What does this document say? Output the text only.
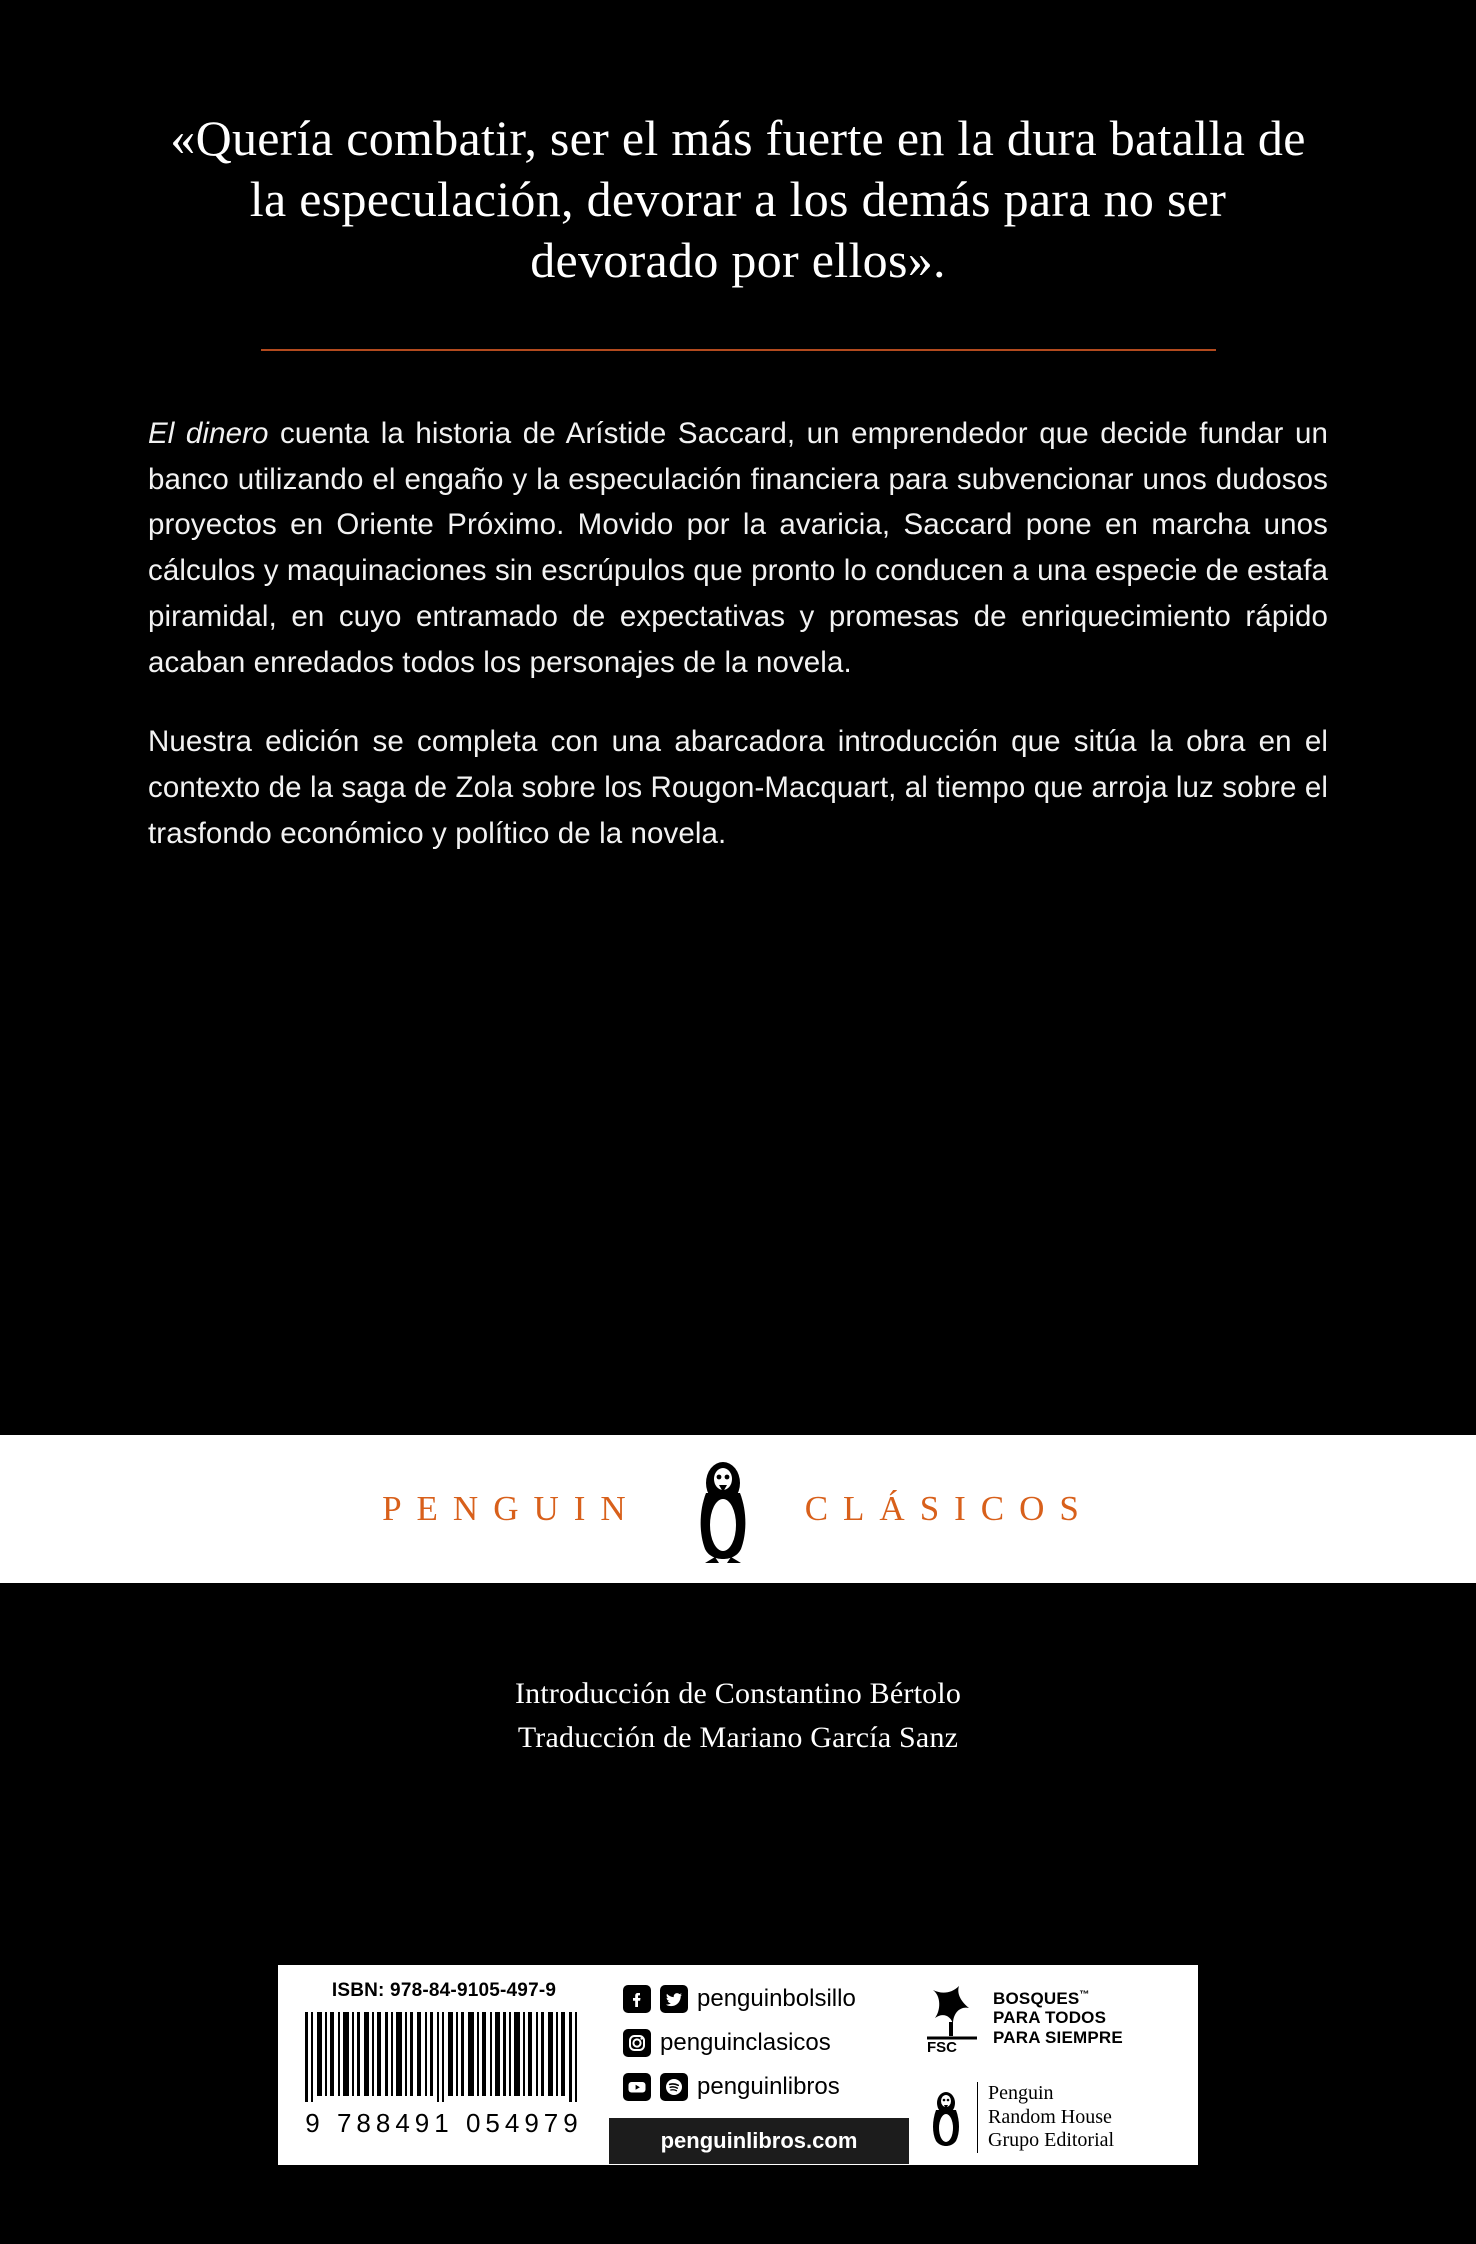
«Quería combatir, ser el más fuerte en la dura batalla de la especulación, devorar a los demás para no ser devorado por ellos».

El dinero cuenta la historia de Arístide Saccard, un emprendedor que decide fundar un banco utilizando el engaño y la especulación financiera para subvencionar unos dudosos proyectos en Oriente Próximo. Movido por la avaricia, Saccard pone en marcha unos cálculos y maquinaciones sin escrúpulos que pronto lo conducen a una especie de estafa piramidal, en cuyo entramado de expectativas y promesas de enriquecimiento rápido acaban enredados todos los personajes de la novela.

Nuestra edición se completa con una abarcadora introducción que sitúa la obra en el contexto de la saga de Zola sobre los Rougon-Macquart, al tiempo que arroja luz sobre el trasfondo económico y político de la novela.

PENGUIN	CLÁSICOS
Introducción de Constantino Bértolo
Traducción de Mariano García Sanz
ISBN: 978-84-9105-497-9
9 788491 054979
penguinbolsillo
penguinclasicos
penguinlibros
penguinlibros.com
FSC
BOSQUES™
PARA TODOS
PARA SIEMPRE
Penguin
Random House
Grupo Editorial
